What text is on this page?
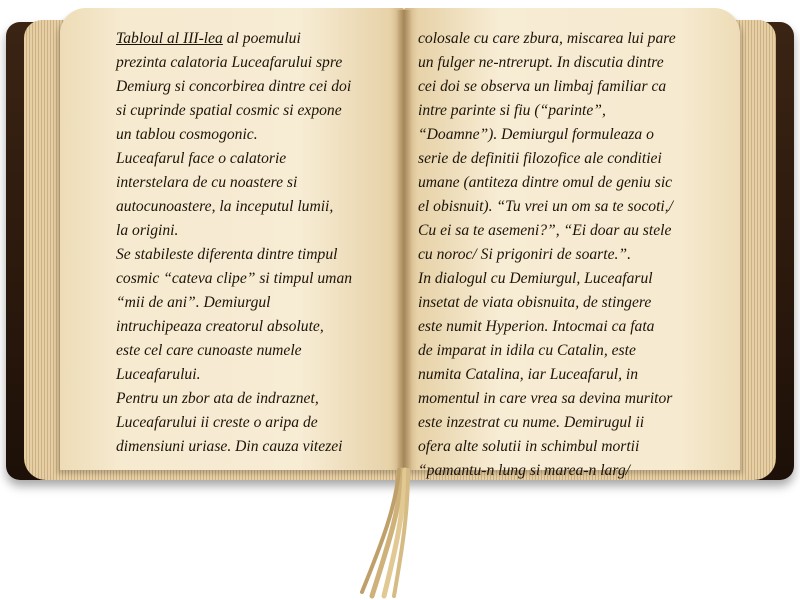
Tabloul al III-lea al poemului
prezinta calatoria Luceafarului spre
Demiurg si concorbirea dintre cei doi
si cuprinde spatial cosmic si expone
un tablou cosmogonic.
Luceafarul face o calatorie
interstelara de cu noastere si
autocunoastere, la inceputul lumii,
la origini.
Se stabileste diferenta dintre timpul
cosmic “cateva clipe” si timpul uman
“mii de ani”. Demiurgul
intruchipeaza creatorul absolute,
este cel care cunoaste numele
Luceafarului.
Pentru un zbor ata de indraznet,
Luceafarului ii creste o aripa de
dimensiuni uriase. Din cauza vitezei
colosale cu care zbura, miscarea lui pare
un fulger ne-ntrerupt. In discutia dintre
cei doi se observa un limbaj familiar ca
intre parinte si fiu (“parinte”,
“Doamne”). Demiurgul formuleaza o
serie de definitii filozofice ale conditiei
umane (antiteza dintre omul de geniu sic
el obisnuit). “Tu vrei un om sa te socoti,/
Cu ei sa te asemeni?”, “Ei doar au stele
cu noroc/ Si prigoniri de soarte.”.
In dialogul cu Demiurgul, Luceafarul
insetat de viata obisnuita, de stingere
este numit Hyperion. Intocmai ca fata
de imparat in idila cu Catalin, este
numita Catalina, iar Luceafarul, in
momentul in care vrea sa devina muritor
este inzestrat cu nume. Demirugul ii
ofera alte solutii in schimbul mortii
“pamantu-n lung si marea-n larg/
